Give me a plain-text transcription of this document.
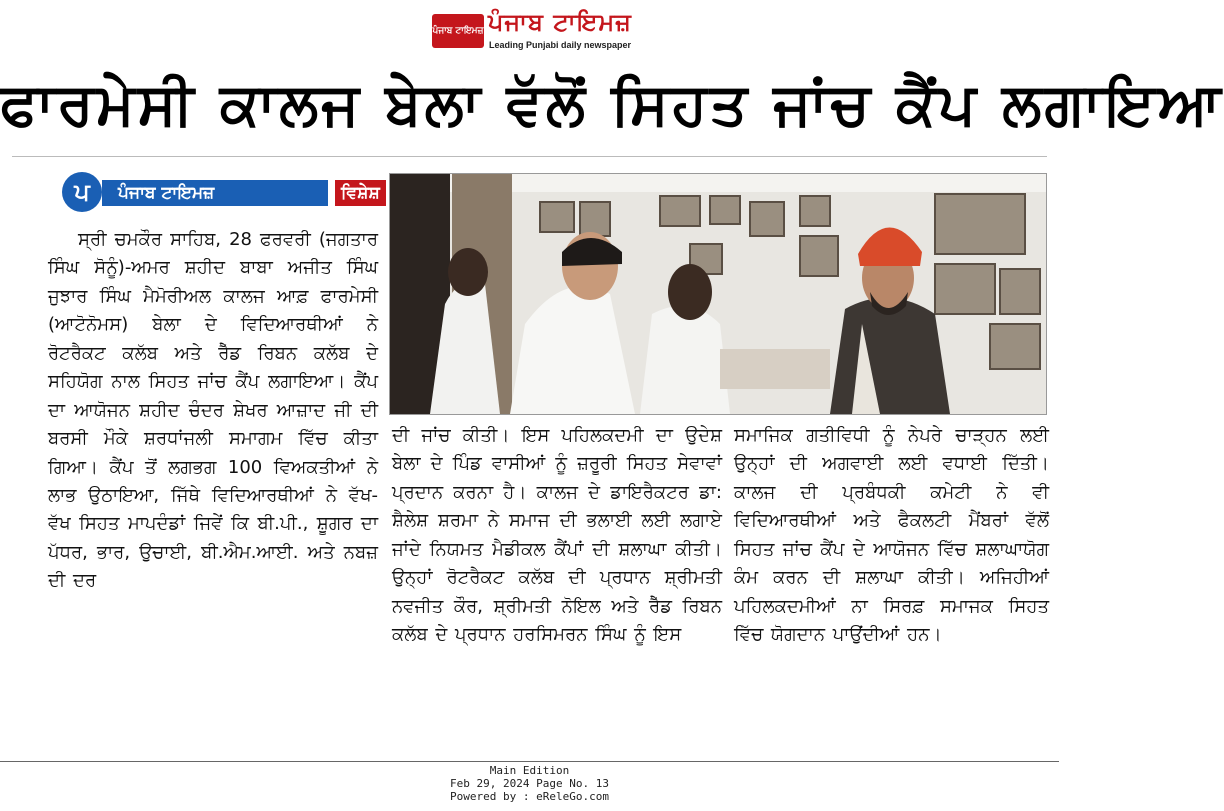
ਪੰਜਾਬ ਟਾਇਮਜ਼ ਪੰਜਾਬ ਟਾਇਮਜ਼
Leading Punjabi daily newspaper
ਫਾਰਮੇਸੀ ਕਾਲਜ ਬੇਲਾ ਵੱਲੋਂ ਸਿਹਤ ਜਾਂਚ ਕੈਂਪ ਲਗਾਇਆ
ਪ	ਪੰਜਾਬ ਟਾਇਮਜ਼	ਵਿਸ਼ੇਸ਼
ਸ੍ਰੀ ਚਮਕੌਰ ਸਾਹਿਬ, 28 ਫਰਵਰੀ (ਜਗਤਾਰ ਸਿੰਘ ਸੋਨੂੰ)-ਅਮਰ ਸ਼ਹੀਦ ਬਾਬਾ ਅਜੀਤ ਸਿੰਘ ਜੁਝਾਰ ਸਿੰਘ ਮੈਮੋਰੀਅਲ ਕਾਲਜ ਆਫ਼ ਫਾਰਮੇਸੀ (ਆਟੋਨੋਮਸ) ਬੇਲਾ ਦੇ ਵਿਦਿਆਰਥੀਆਂ ਨੇ ਰੋਟਰੈਕਟ ਕਲੱਬ ਅਤੇ ਰੈੱਡ ਰਿਬਨ ਕਲੱਬ ਦੇ ਸਹਿਯੋਗ ਨਾਲ ਸਿਹਤ ਜਾਂਚ ਕੈਂਪ ਲਗਾਇਆ। ਕੈਂਪ ਦਾ ਆਯੋਜਨ ਸ਼ਹੀਦ ਚੰਦਰ ਸ਼ੇਖਰ ਆਜ਼ਾਦ ਜੀ ਦੀ ਬਰਸੀ ਮੌਕੇ ਸ਼ਰਧਾਂਜਲੀ ਸਮਾਗਮ ਵਿੱਚ ਕੀਤਾ ਗਿਆ। ਕੈਂਪ ਤੋਂ ਲਗਭਗ 100 ਵਿਅਕਤੀਆਂ ਨੇ ਲਾਭ ਉਠਾਇਆ, ਜਿੱਥੇ ਵਿਦਿਆਰਥੀਆਂ ਨੇ ਵੱਖ-ਵੱਖ ਸਿਹਤ ਮਾਪਦੰਡਾਂ ਜਿਵੇਂ ਕਿ ਬੀ.ਪੀ., ਸ਼ੂਗਰ ਦਾ ਪੱਧਰ, ਭਾਰ, ਉਚਾਈ, ਬੀ.ਐਮ.ਆਈ. ਅਤੇ ਨਬਜ਼ ਦੀ ਦਰ
ਦੀ ਜਾਂਚ ਕੀਤੀ। ਇਸ ਪਹਿਲਕਦਮੀ ਦਾ ਉਦੇਸ਼ ਬੇਲਾ ਦੇ ਪਿੰਡ ਵਾਸੀਆਂ ਨੂੰ ਜ਼ਰੂਰੀ ਸਿਹਤ ਸੇਵਾਵਾਂ ਪ੍ਰਦਾਨ ਕਰਨਾ ਹੈ। ਕਾਲਜ ਦੇ ਡਾਇਰੈਕਟਰ ਡਾ: ਸ਼ੈਲੇਸ਼ ਸ਼ਰਮਾ ਨੇ ਸਮਾਜ ਦੀ ਭਲਾਈ ਲਈ ਲਗਾਏ ਜਾਂਦੇ ਨਿਯਮਤ ਮੈਡੀਕਲ ਕੈਂਪਾਂ ਦੀ ਸ਼ਲਾਘਾ ਕੀਤੀ। ਉਨ੍ਹਾਂ ਰੋਟਰੈਕਟ ਕਲੱਬ ਦੀ ਪ੍ਰਧਾਨ ਸ਼੍ਰੀਮਤੀ ਨਵਜੀਤ ਕੌਰ, ਸ਼੍ਰੀਮਤੀ ਨੋਇਲ ਅਤੇ ਰੈੱਡ ਰਿਬਨ ਕਲੱਬ ਦੇ ਪ੍ਰਧਾਨ ਹਰਸਿਮਰਨ ਸਿੰਘ ਨੂੰ ਇਸ
ਸਮਾਜਿਕ ਗਤੀਵਿਧੀ ਨੂੰ ਨੇਪਰੇ ਚਾੜ੍ਹਨ ਲਈ ਉਨ੍ਹਾਂ ਦੀ ਅਗਵਾਈ ਲਈ ਵਧਾਈ ਦਿੱਤੀ। ਕਾਲਜ ਦੀ ਪ੍ਰਬੰਧਕੀ ਕਮੇਟੀ ਨੇ ਵੀ ਵਿਦਿਆਰਥੀਆਂ ਅਤੇ ਫੈਕਲਟੀ ਮੈਂਬਰਾਂ ਵੱਲੋਂ ਸਿਹਤ ਜਾਂਚ ਕੈਂਪ ਦੇ ਆਯੋਜਨ ਵਿੱਚ ਸ਼ਲਾਘਾਯੋਗ ਕੰਮ ਕਰਨ ਦੀ ਸ਼ਲਾਘਾ ਕੀਤੀ। ਅਜਿਹੀਆਂ ਪਹਿਲਕਦਮੀਆਂ ਨਾ ਸਿਰਫ਼ ਸਮਾਜਕ ਸਿਹਤ ਵਿੱਚ ਯੋਗਦਾਨ ਪਾਉਂਦੀਆਂ ਹਨ।
Main Edition
Feb 29, 2024 Page No. 13
Powered by : eReleGo.com
